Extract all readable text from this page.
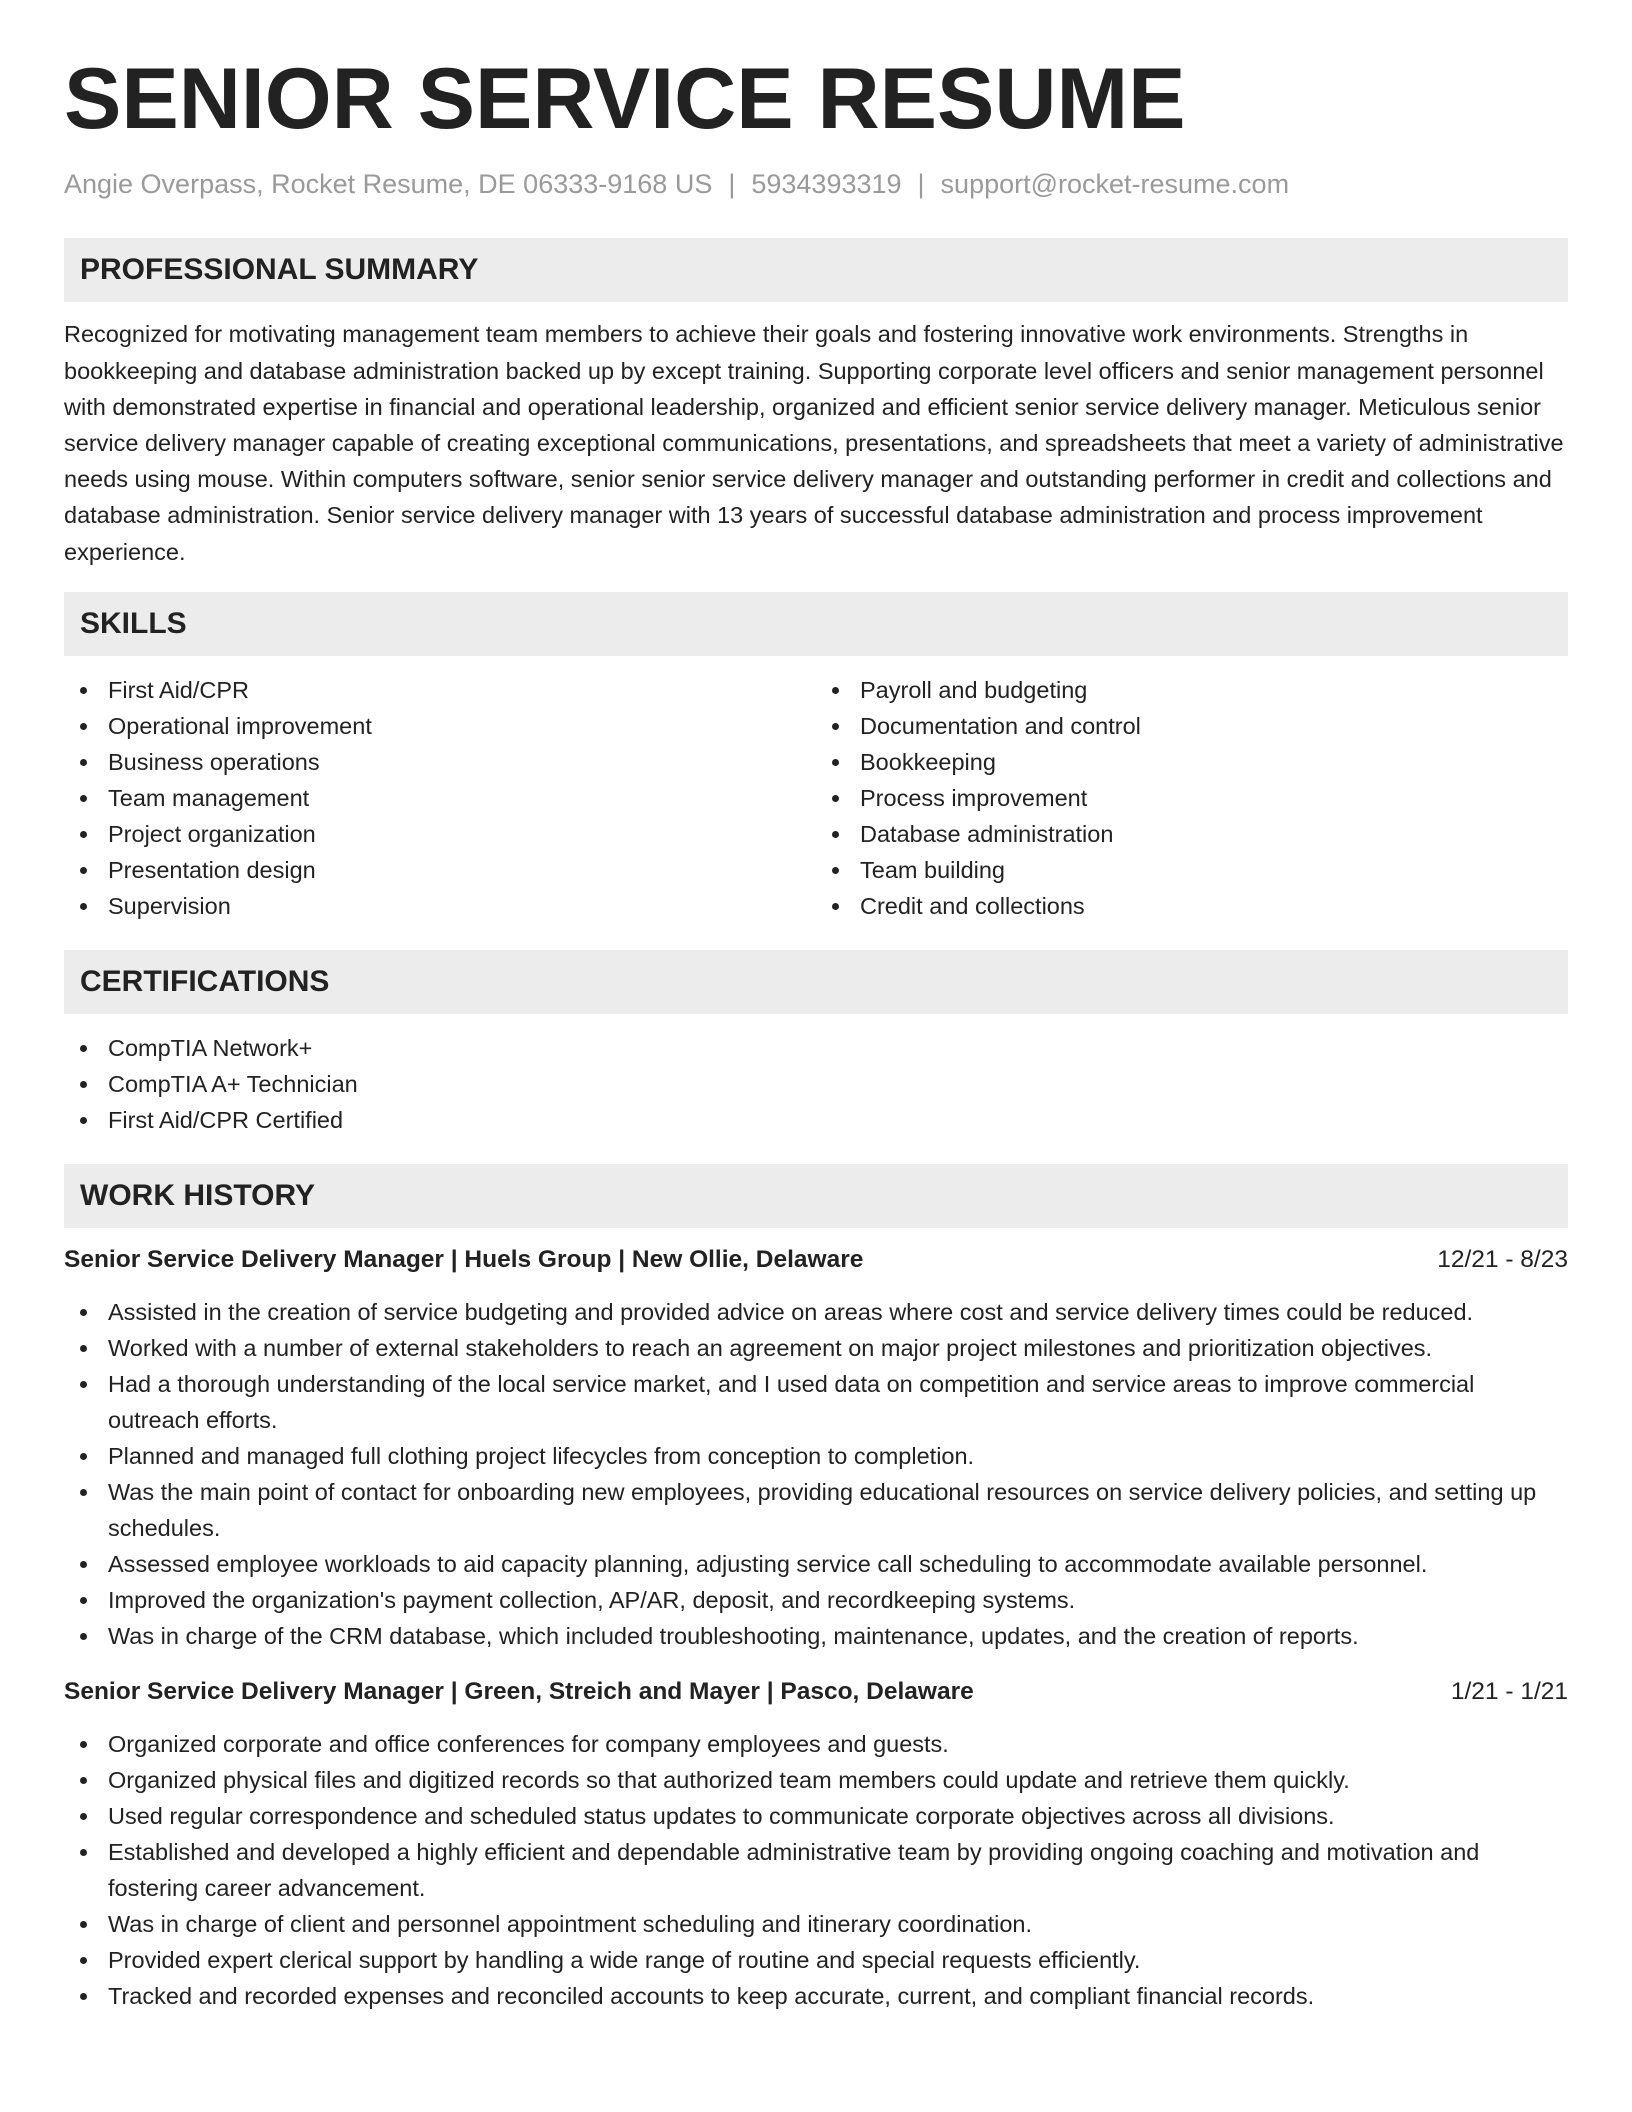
SENIOR SERVICE RESUME
Angie Overpass, Rocket Resume, DE 06333-9168 US | 5934393319 | support@rocket-resume.com
PROFESSIONAL SUMMARY

Recognized for motivating management team members to achieve their goals and fostering innovative work environments. Strengths in bookkeeping and database administration backed up by except training. Supporting corporate level officers and senior management personnel with demonstrated expertise in financial and operational leadership, organized and efficient senior service delivery manager. Meticulous senior service delivery manager capable of creating exceptional communications, presentations, and spreadsheets that meet a variety of administrative needs using mouse. Within computers software, senior senior service delivery manager and outstanding performer in credit and collections and database administration. Senior service delivery manager with 13 years of successful database administration and process improvement experience.

SKILLS
First Aid/CPR
Operational improvement
Business operations
Team management
Project organization
Presentation design
Supervision
Payroll and budgeting
Documentation and control
Bookkeeping
Process improvement
Database administration
Team building
Credit and collections
CERTIFICATIONS
CompTIA Network+
CompTIA A+ Technician
First Aid/CPR Certified
WORK HISTORY
Senior Service Delivery Manager | Huels Group | New Ollie, Delaware	12/21 - 8/23
Assisted in the creation of service budgeting and provided advice on areas where cost and service delivery times could be reduced.
Worked with a number of external stakeholders to reach an agreement on major project milestones and prioritization objectives.
Had a thorough understanding of the local service market, and I used data on competition and service areas to improve commercial outreach efforts.
Planned and managed full clothing project lifecycles from conception to completion.
Was the main point of contact for onboarding new employees, providing educational resources on service delivery policies, and setting up schedules.
Assessed employee workloads to aid capacity planning, adjusting service call scheduling to accommodate available personnel.
Improved the organization's payment collection, AP/AR, deposit, and recordkeeping systems.
Was in charge of the CRM database, which included troubleshooting, maintenance, updates, and the creation of reports.
Senior Service Delivery Manager | Green, Streich and Mayer | Pasco, Delaware	1/21 - 1/21
Organized corporate and office conferences for company employees and guests.
Organized physical files and digitized records so that authorized team members could update and retrieve them quickly.
Used regular correspondence and scheduled status updates to communicate corporate objectives across all divisions.
Established and developed a highly efficient and dependable administrative team by providing ongoing coaching and motivation and fostering career advancement.
Was in charge of client and personnel appointment scheduling and itinerary coordination.
Provided expert clerical support by handling a wide range of routine and special requests efficiently.
Tracked and recorded expenses and reconciled accounts to keep accurate, current, and compliant financial records.
